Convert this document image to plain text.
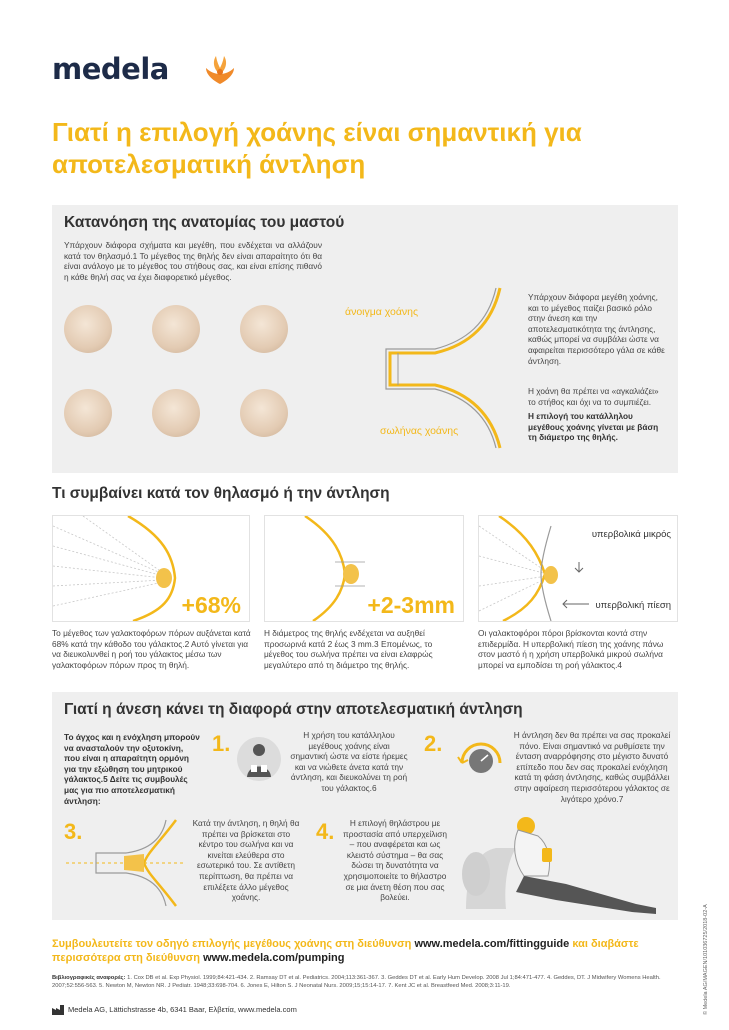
medela
Γιατί η επιλογή χοάνης είναι σημαντική για αποτελεσματική άντληση
Κατανόηση της ανατομίας του μαστού
Υπάρχουν διάφορα σχήματα και μεγέθη, που ενδέχεται να αλλάζουν κατά τον θηλασμό.1 Το μέγεθος της θηλής δεν είναι απαραίτητο ότι θα είναι ανάλογο με το μέγεθος του στήθους σας, και είναι επίσης πιθανό η κάθε θηλή σας να έχει διαφορετικό μέγεθος.
άνοιγμα χοάνης
σωλήνας χοάνης
Υπάρχουν διάφορα μεγέθη χοάνης, και το μέγεθος παίζει βασικό ρόλο στην άνεση και την αποτελεσματικότητα της άντλησης, καθώς μπορεί να συμβάλει ώστε να αφαιρείται περισσότερο γάλα σε κάθε άντληση.
Η χοάνη θα πρέπει να «αγκαλιάζει» το στήθος και όχι να το συμπιέζει.
Η επιλογή του κατάλληλου μεγέθους χοάνης γίνεται με βάση τη διάμετρο της θηλής.
Τι συμβαίνει κατά τον θηλασμό ή την άντληση
+68%
Το μέγεθος των γαλακτοφόρων πόρων αυξάνεται κατά 68% κατά την κάθοδο του γάλακτος.2 Αυτό γίνεται για να διευκολυνθεί η ροή του γάλακτος μέσω των γαλακτοφόρων πόρων προς τη θηλή.
+2-3mm
Η διάμετρος της θηλής ενδέχεται να αυξηθεί προσωρινά κατά 2 έως 3 mm.3 Επομένως, το μέγεθος του σωλήνα πρέπει να είναι ελαφρώς μεγαλύτερο από τη διάμετρο της θηλής.
υπερβολικά μικρός
υπερβολική πίεση
Οι γαλακτοφόροι πόροι βρίσκονται κοντά στην επιδερμίδα. Η υπερβολική πίεση της χοάνης πάνω στον μαστό ή η χρήση υπερβολικά μικρού σωλήνα μπορεί να εμποδίσει τη ροή γάλακτος.4
Γιατί η άνεση κάνει τη διαφορά στην αποτελεσματική άντληση
Το άγχος και η ενόχληση μπορούν να ανασταλούν την οξυτοκίνη, που είναι η απαραίτητη ορμόνη για την εξώθηση του μητρικού γάλακτος.5 Δείτε τις συμβουλές μας για πιο αποτελεσματική άντληση:
1.	Η χρήση του κατάλληλου μεγέθους χοάνης είναι σημαντική ώστε να είστε ήρεμες και να νιώθετε άνετα κατά την άντληση, και διευκολύνει τη ροή του γάλακτος.6
2.	Η άντληση δεν θα πρέπει να σας προκαλεί πόνο. Είναι σημαντικό να ρυθμίσετε την ένταση αναρρόφησης στο μέγιστο δυνατό επίπεδο που δεν σας προκαλεί ενόχληση κατά τη φάση άντλησης, καθώς συμβάλλει στην αφαίρεση περισσότερου γάλακτος σε λιγότερο χρόνο.7
3.	Κατά την άντληση, η θηλή θα πρέπει να βρίσκεται στο κέντρο του σωλήνα και να κινείται ελεύθερα στο εσωτερικό του. Σε αντίθετη περίπτωση, θα πρέπει να επιλέξετε άλλο μέγεθος χοάνης.
4.	Η επιλογή θηλάστρου με προστασία από υπερχείλιση – που αναφέρεται και ως κλειστό σύστημα – θα σας δώσει τη δυνατότητα να χρησιμοποιείτε το θήλαστρο σε μια άνετη θέση που σας βολεύει.
Συμβουλευτείτε τον οδηγό επιλογής μεγέθους χοάνης στη διεύθυνση www.medela.com/fittingguide και διαβάστε περισσότερα στη διεύθυνση www.medela.com/pumping
Βιβλιογραφικές αναφορές: 1. Cox DB et al. Exp Physiol. 1999;84:421-434. 2. Ramsay DT et al. Pediatrics. 2004;113:361-367. 3. Geddes DT et al. Early Hum Develop. 2008 Jul 1;84:471-477. 4. Geddes, DT. J Midwifery Womens Health. 2007;52:556-563. 5. Newton M, Newton NR. J Pediatr. 1948;33:698-704. 6. Jones E, Hilton S. J Neonatal Nurs. 2009;15;15:14-17. 7. Kent JC et al. Breastfeed Med. 2008;3:11-19.
Medela AG, Lättichstrasse 4b, 6341 Baar, Ελβετία, www.medela.com	© Medela AG/MAGEN/101036725/2018-02-A
